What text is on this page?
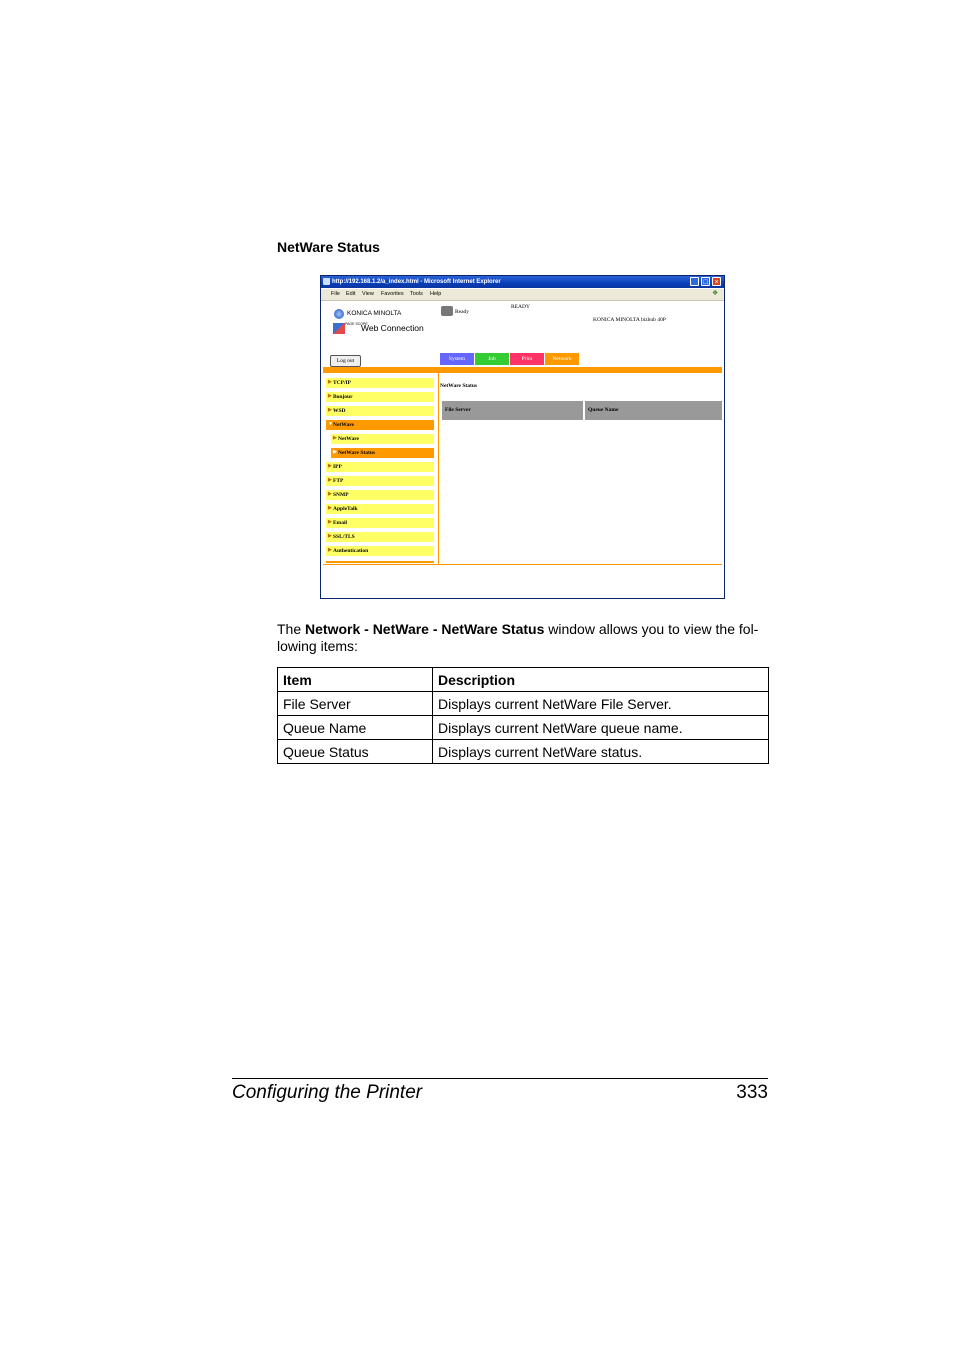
NetWare Status
http://192.168.1.2/a_index.html - Microsoft Internet Explorer	_ □ ×
File Edit View Favorites Tools Help	❖
KONICA MINOLTA
PAGE SCOPE
Web Connection
Ready
READY
KONICA MINOLTA bizhub 40P
Log out	System	Job	Print	Network
▶ TCP/IP
▶ Bonjour
▶ WSD
▼ NetWare
▶ NetWare
▶ NetWare Status
▶ IPP
▶ FTP
▶ SNMP
▶ AppleTalk
▶ Email
▶ SSL/TLS
▶ Authentication
NetWare Status
File Server	Queue Name
The Network - NetWare - NetWare Status window allows you to view the fol-lowing items:
Item	Description
File Server	Displays current NetWare File Server.
Queue Name	Displays current NetWare queue name.
Queue Status	Displays current NetWare status.
Configuring the Printer	333
